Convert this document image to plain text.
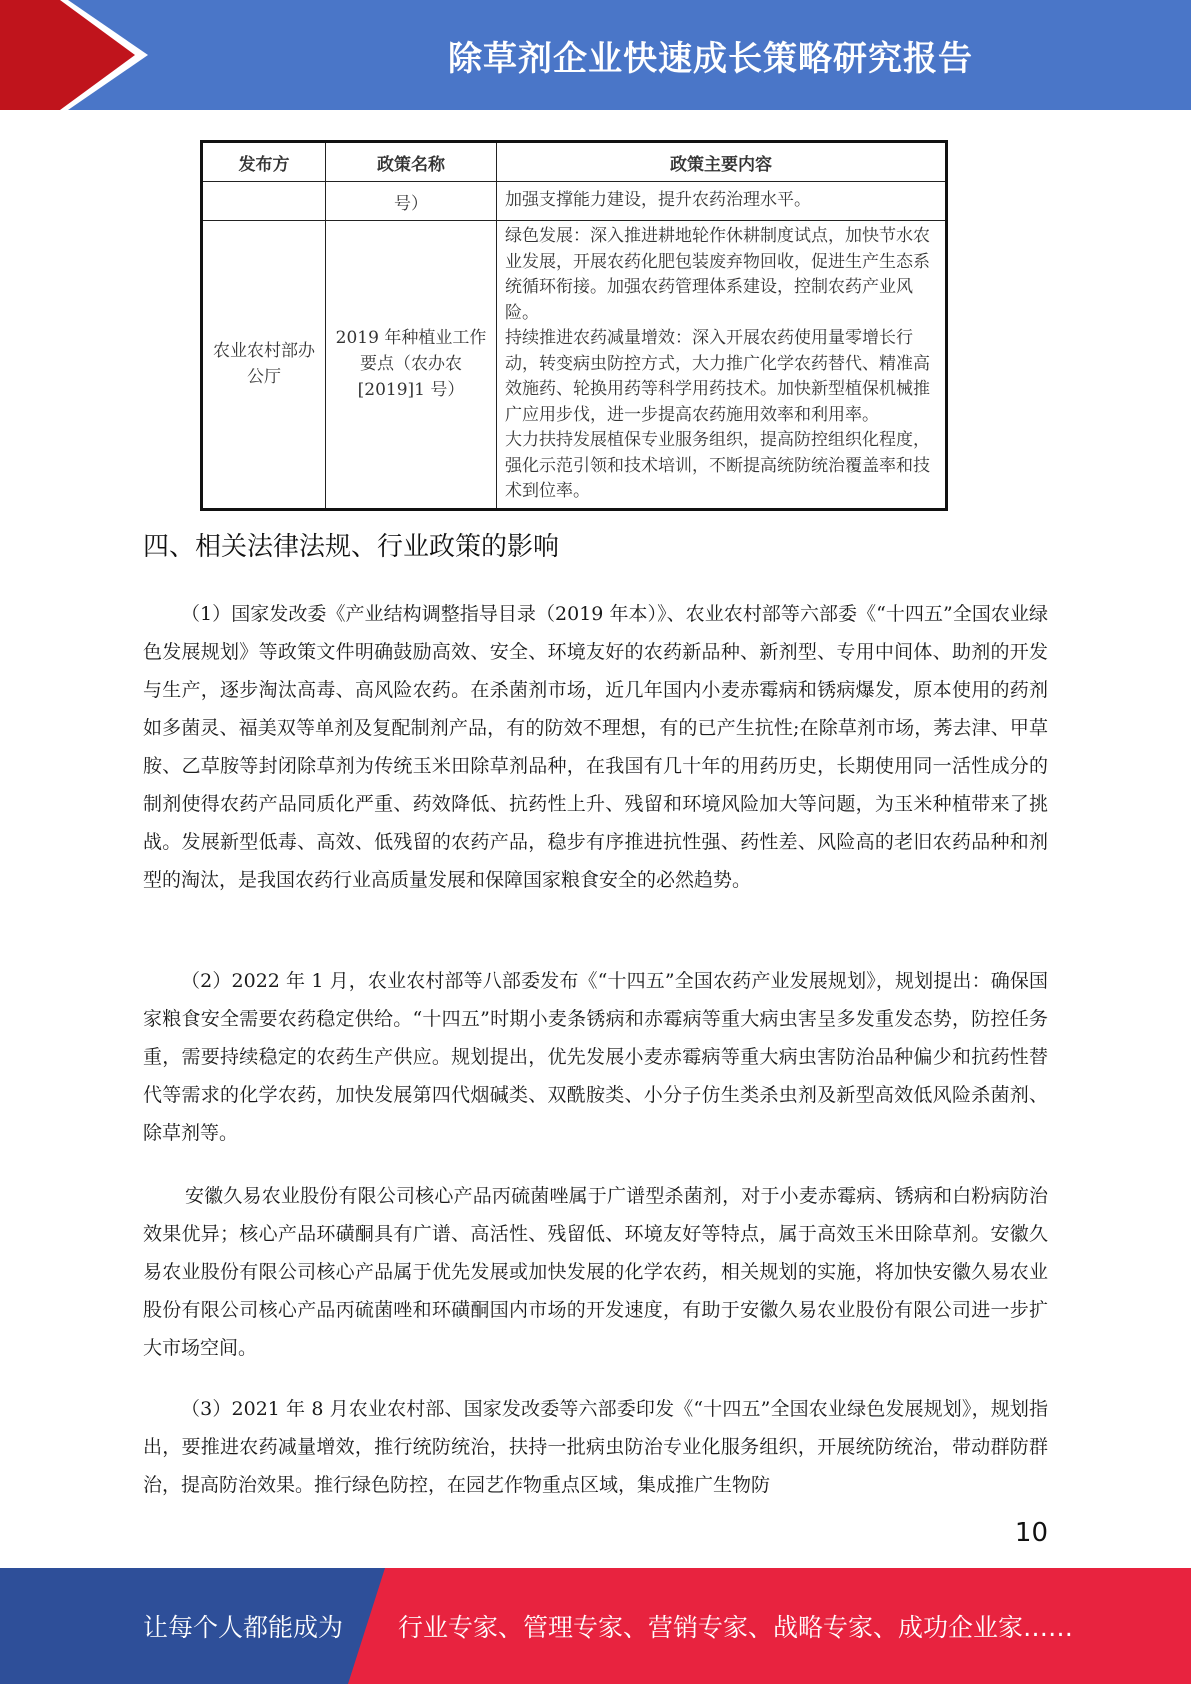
除草剂企业快速成长策略研究报告
发布方	政策名称	政策主要内容
	号）	加强支撑能力建设，提升农药治理水平。

农业农村部办公厅	2019 年种植业工作要点（农办农[2019]1 号）	绿色发展：深入推进耕地轮作休耕制度试点，加快节水农业发展，开展农药化肥包装废弃物回收，促进生产生态系统循环衔接。加强农药管理体系建设，控制农药产业风险。

持续推进农药减量增效：深入开展农药使用量零增长行动，转变病虫防控方式，大力推广化学农药替代、精准高效施药、轮换用药等科学用药技术。加快新型植保机械推广应用步伐，进一步提高农药施用效率和利用率。

大力扶持发展植保专业服务组织，提高防控组织化程度，强化示范引领和技术培训，不断提高统防统治覆盖率和技术到位率。

四、相关法律法规、行业政策的影响

（1）国家发改委《产业结构调整指导目录（2019 年本）》、农业农村部等六部委《“十四五”全国农业绿色发展规划》等政策文件明确鼓励高效、安全、环境友好的农药新品种、新剂型、专用中间体、助剂的开发与生产，逐步淘汰高毒、高风险农药。在杀菌剂市场，近几年国内小麦赤霉病和锈病爆发，原本使用的药剂如多菌灵、福美双等单剂及复配制剂产品，有的防效不理想，有的已产生抗性;在除草剂市场，莠去津、甲草胺、乙草胺等封闭除草剂为传统玉米田除草剂品种，在我国有几十年的用药历史，长期使用同一活性成分的制剂使得农药产品同质化严重、药效降低、抗药性上升、残留和环境风险加大等问题，为玉米种植带来了挑战。发展新型低毒、高效、低残留的农药产品，稳步有序推进抗性强、药性差、风险高的老旧农药品种和剂型的淘汰，是我国农药行业高质量发展和保障国家粮食安全的必然趋势。

（2）2022 年 1 月，农业农村部等八部委发布《“十四五”全国农药产业发展规划》，规划提出：确保国家粮食安全需要农药稳定供给。“十四五”时期小麦条锈病和赤霉病等重大病虫害呈多发重发态势，防控任务重，需要持续稳定的农药生产供应。规划提出，优先发展小麦赤霉病等重大病虫害防治品种偏少和抗药性替代等需求的化学农药，加快发展第四代烟碱类、双酰胺类、小分子仿生类杀虫剂及新型高效低风险杀菌剂、除草剂等。

安徽久易农业股份有限公司核心产品丙硫菌唑属于广谱型杀菌剂，对于小麦赤霉病、锈病和白粉病防治效果优异；核心产品环磺酮具有广谱、高活性、残留低、环境友好等特点，属于高效玉米田除草剂。安徽久易农业股份有限公司核心产品属于优先发展或加快发展的化学农药，相关规划的实施，将加快安徽久易农业股份有限公司核心产品丙硫菌唑和环磺酮国内市场的开发速度，有助于安徽久易农业股份有限公司进一步扩大市场空间。

（3）2021 年 8 月农业农村部、国家发改委等六部委印发《“十四五”全国农业绿色发展规划》，规划指出，要推进农药减量增效，推行统防统治，扶持一批病虫防治专业化服务组织，开展统防统治，带动群防群治，提高防治效果。推行绿色防控，在园艺作物重点区域，集成推广生物防

10
让每个人都能成为 行业专家、管理专家、营销专家、战略专家、成功企业家……
